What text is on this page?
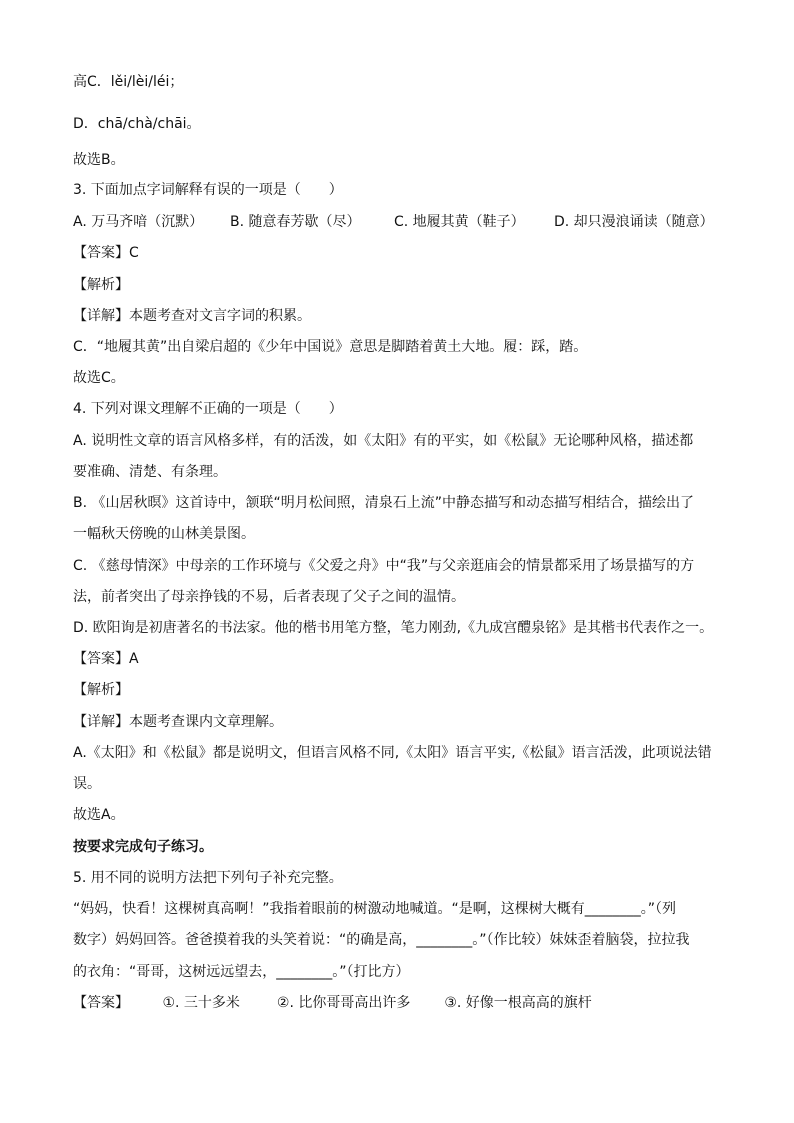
高C．lěi/lèi/léi；
D．chā/chà/chāi。
故选B。
3. 下面加点字词解释有误的一项是（　　）
A. 万马齐喑（沉默）	B. 随意春芳歇（尽）	C. 地履其黄（鞋子）	D. 却只漫浪诵读（随意）
【答案】C
【解析】
【详解】本题考查对文言字词的积累。
C．“地履其黄”出自梁启超的《少年中国说》意思是脚踏着黄土大地。履：踩，踏。
故选C。
4. 下列对课文理解不正确的一项是（　　）
A. 说明性文章的语言风格多样，有的活泼，如《太阳》有的平实，如《松鼠》无论哪种风格，描述都
要准确、清楚、有条理。
B. 《山居秋暝》这首诗中，颔联“明月松间照，清泉石上流”中静态描写和动态描写相结合，描绘出了
一幅秋天傍晚的山林美景图。
C. 《慈母情深》中母亲的工作环境与《父爱之舟》中“我”与父亲逛庙会的情景都采用了场景描写的方
法，前者突出了母亲挣钱的不易，后者表现了父子之间的温情。
D. 欧阳询是初唐著名的书法家。他的楷书用笔方整，笔力刚劲,《九成宫醴泉铭》是其楷书代表作之一。
【答案】A
【解析】
【详解】本题考查课内文章理解。
A.《太阳》和《松鼠》都是说明文，但语言风格不同,《太阳》语言平实,《松鼠》语言活泼，此项说法错
误。
故选A。
按要求完成句子练习。
5. 用不同的说明方法把下列句子补充完整。
“妈妈，快看！这棵树真高啊！”我指着眼前的树激动地喊道。“是啊，这棵树大概有________。”（列
数字）妈妈回答。爸爸摸着我的头笑着说：“的确是高，________。”（作比较）妹妹歪着脑袋，拉拉我
的衣角：“哥哥，这树远远望去，________。”（打比方）
【答案】 ①. 三十多米	②. 比你哥哥高出许多 ③. 好像一根高高的旗杆
